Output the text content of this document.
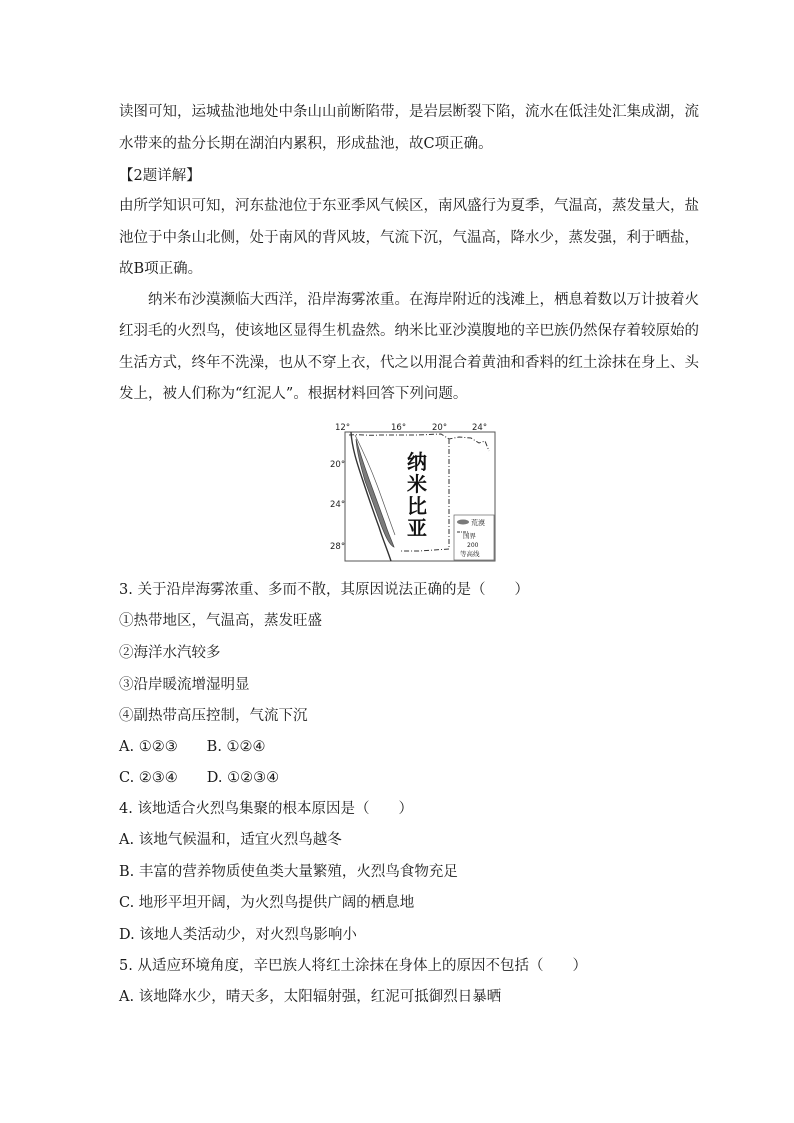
读图可知，运城盐池地处中条山山前断陷带，是岩层断裂下陷，流水在低洼处汇集成湖，流
水带来的盐分长期在湖泊内累积，形成盐池，故C项正确。
【2题详解】
由所学知识可知，河东盐池位于东亚季风气候区，南风盛行为夏季，气温高，蒸发量大，盐
池位于中条山北侧，处于南风的背风坡，气流下沉，气温高，降水少，蒸发强，利于晒盐，
故B项正确。
纳米布沙漠濒临大西洋，沿岸海雾浓重。在海岸附近的浅滩上，栖息着数以万计披着火
红羽毛的火烈鸟，使该地区显得生机盎然。纳米比亚沙漠腹地的辛巴族仍然保存着较原始的
生活方式，终年不洗澡，也从不穿上衣，代之以用混合着黄油和香料的红土涂抹在身上、头
发上，被人们称为“红泥人”。根据材料回答下列问题。
12°	16°	20°	24°
20°
24°
28°
纳
米
比
亚	荒漠
国界
200
等高线
3. 关于沿岸海雾浓重、多而不散，其原因说法正确的是（　　）
①热带地区，气温高，蒸发旺盛
②海洋水汽较多
③沿岸暖流增湿明显
④副热带高压控制，气流下沉
A. ①②③　　B. ①②④
C. ②③④　　D. ①②③④
4. 该地适合火烈鸟集聚的根本原因是（　　）
A. 该地气候温和，适宜火烈鸟越冬
B. 丰富的营养物质使鱼类大量繁殖，火烈鸟食物充足
C. 地形平坦开阔，为火烈鸟提供广阔的栖息地
D. 该地人类活动少，对火烈鸟影响小
5. 从适应环境角度，辛巴族人将红土涂抹在身体上的原因不包括（　　）
A. 该地降水少，晴天多，太阳辐射强，红泥可抵御烈日暴晒
